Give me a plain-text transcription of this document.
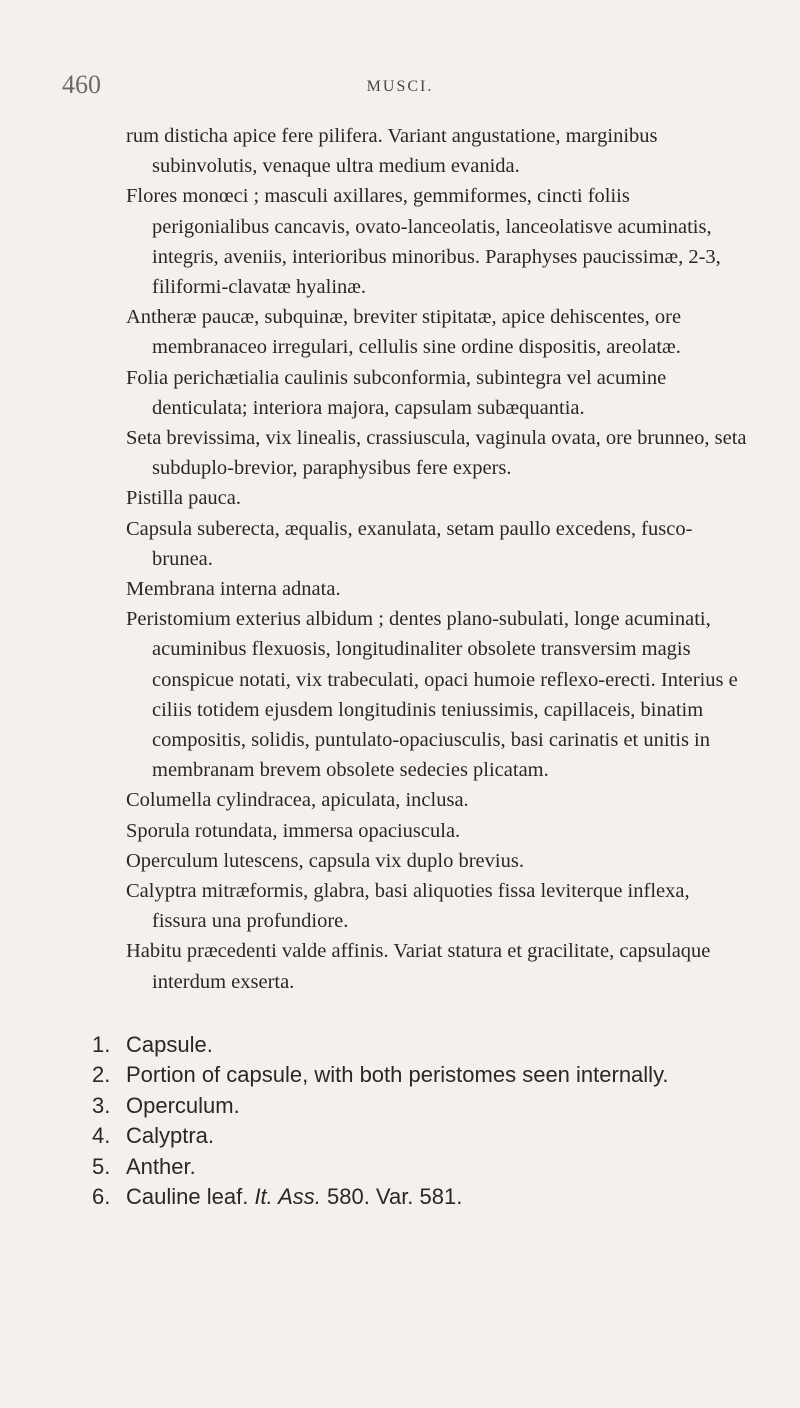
460	MUSCI.

rum disticha apice fere pilifera. Variant angustatione, marginibus subinvolutis, venaque ultra medium evanida.

Flores monœci ; masculi axillares, gemmiformes, cincti foliis perigonialibus cancavis, ovato-lanceolatis, lanceolatisve acuminatis, integris, aveniis, interioribus minoribus. Paraphyses paucissimæ, 2-3, filiformi-clavatæ hyalinæ.

Antheræ paucæ, subquinæ, breviter stipitatæ, apice dehiscentes, ore membranaceo irregulari, cellulis sine ordine dispositis, areolatæ.

Folia perichætialia caulinis subconformia, subintegra vel acumine denticulata; interiora majora, capsulam subæquantia.

Seta brevissima, vix linealis, crassiuscula, vaginula ovata, ore brunneo, seta subduplo-brevior, paraphysibus fere expers.

Pistilla pauca.

Capsula suberecta, æqualis, exanulata, setam paullo excedens, fusco-brunea.

Membrana interna adnata.

Peristomium exterius albidum ; dentes plano-subulati, longe acuminati, acuminibus flexuosis, longitudinaliter obsolete transversim magis conspicue notati, vix trabeculati, opaci humoie reflexo-erecti. Interius e ciliis totidem ejusdem longitudinis teniussimis, capillaceis, binatim compositis, solidis, puntulato-opaciusculis, basi carinatis et unitis in membranam brevem obsolete sedecies plicatam.

Columella cylindracea, apiculata, inclusa.

Sporula rotundata, immersa opaciuscula.

Operculum lutescens, capsula vix duplo brevius.

Calyptra mitræformis, glabra, basi aliquoties fissa leviterque inflexa, fissura una profundiore.

Habitu præcedenti valde affinis. Variat statura et gracilitate, capsulaque interdum exserta.

1. Capsule.
2. Portion of capsule, with both peristomes seen internally.
3. Operculum.
4. Calyptra.
5. Anther.
6. Cauline leaf. It. Ass. 580. Var. 581.
